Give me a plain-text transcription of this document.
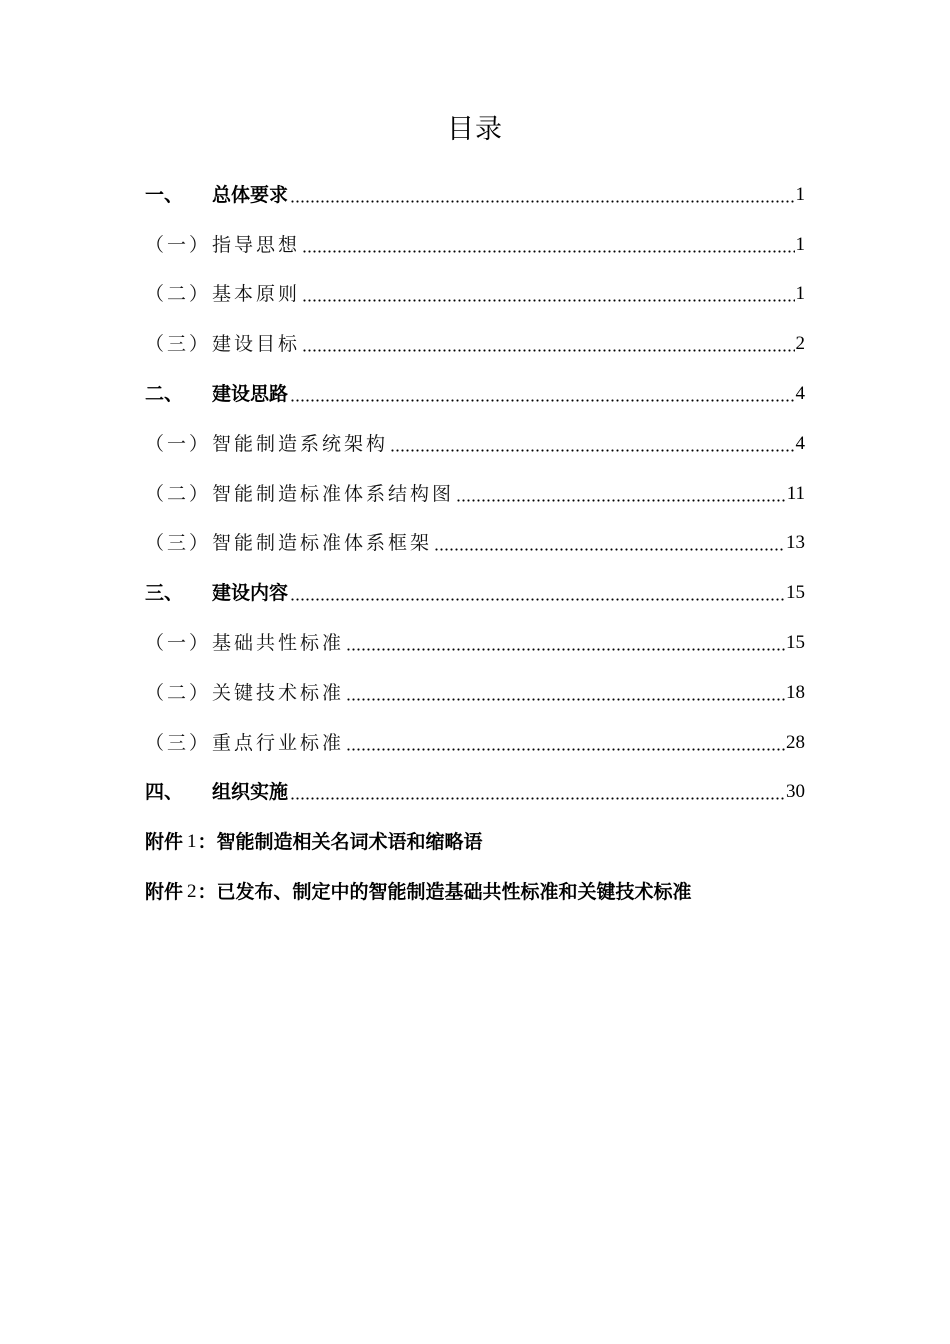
目录
一、	总体要求	1
（一） 指导思想	1
（二） 基本原则	1
（三） 建设目标	2
二、	建设思路	4
（一） 智能制造系统架构	4
（二） 智能制造标准体系结构图	11
（三） 智能制造标准体系框架	13
三、	建设内容	15
（一） 基础共性标准	15
（二） 关键技术标准	18
（三） 重点行业标准	28
四、	组织实施	30
附件 1 ： 智能制造相关名词术语和缩略语
附件 2 ： 已发布、制定中的智能制造基础共性标准和关键技术标准
